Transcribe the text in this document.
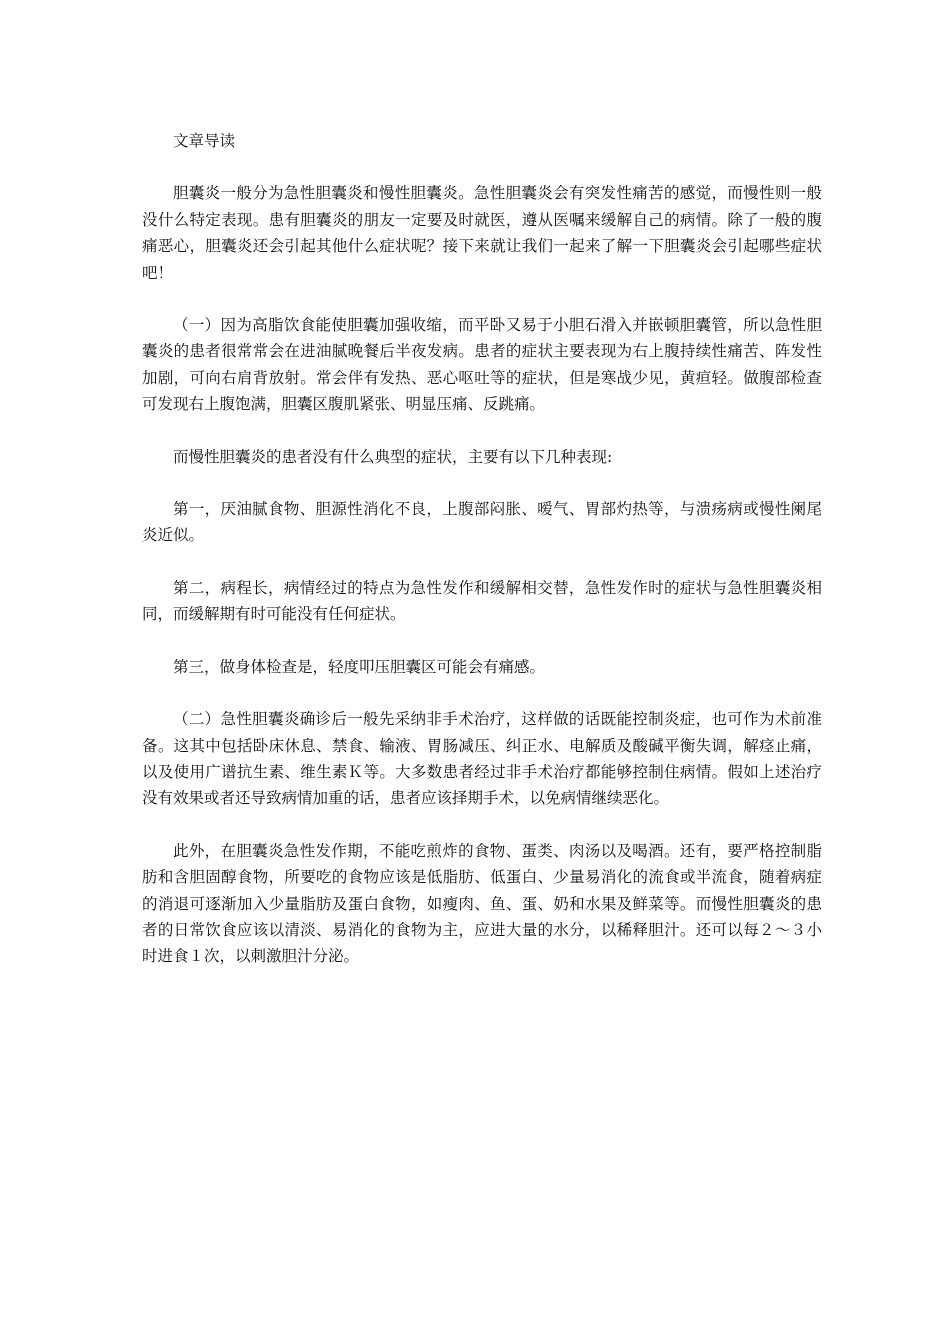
文章导读

胆囊炎一般分为急性胆囊炎和慢性胆囊炎。急性胆囊炎会有突发性痛苦的感觉，而慢性则一般没什么特定表现。患有胆囊炎的朋友一定要及时就医，遵从医嘱来缓解自己的病情。除了一般的腹痛恶心，胆囊炎还会引起其他什么症状呢？接下来就让我们一起来了解一下胆囊炎会引起哪些症状吧！

（一）因为高脂饮食能使胆囊加强收缩，而平卧又易于小胆石滑入并嵌顿胆囊管，所以急性胆囊炎的患者很常常会在进油腻晚餐后半夜发病。患者的症状主要表现为右上腹持续性痛苦、阵发性加剧，可向右肩背放射。常会伴有发热、恶心呕吐等的症状，但是寒战少见，黄疸轻。做腹部检查可发现右上腹饱满，胆囊区腹肌紧张、明显压痛、反跳痛。

而慢性胆囊炎的患者没有什么典型的症状，主要有以下几种表现:

第一，厌油腻食物、胆源性消化不良，上腹部闷胀、嗳气、胃部灼热等，与溃疡病或慢性阑尾炎近似。

第二，病程长，病情经过的特点为急性发作和缓解相交替，急性发作时的症状与急性胆囊炎相同，而缓解期有时可能没有任何症状。

第三，做身体检查是，轻度叩压胆囊区可能会有痛感。

（二）急性胆囊炎确诊后一般先采纳非手术治疗，这样做的话既能控制炎症，也可作为术前准备。这其中包括卧床休息、禁食、输液、胃肠减压、纠正水、电解质及酸碱平衡失调，解痉止痛，以及使用广谱抗生素、维生素Ｋ等。大多数患者经过非手术治疗都能够控制住病情。假如上述治疗没有效果或者还导致病情加重的话，患者应该择期手术，以免病情继续恶化。

此外，在胆囊炎急性发作期，不能吃煎炸的食物、蛋类、肉汤以及喝酒。还有，要严格控制脂肪和含胆固醇食物，所要吃的食物应该是低脂肪、低蛋白、少量易消化的流食或半流食，随着病症的消退可逐渐加入少量脂肪及蛋白食物，如瘦肉、鱼、蛋、奶和水果及鲜菜等。而慢性胆囊炎的患者的日常饮食应该以清淡、易消化的食物为主，应进大量的水分，以稀释胆汁。还可以每２～３小时进食１次，以刺激胆汁分泌。
